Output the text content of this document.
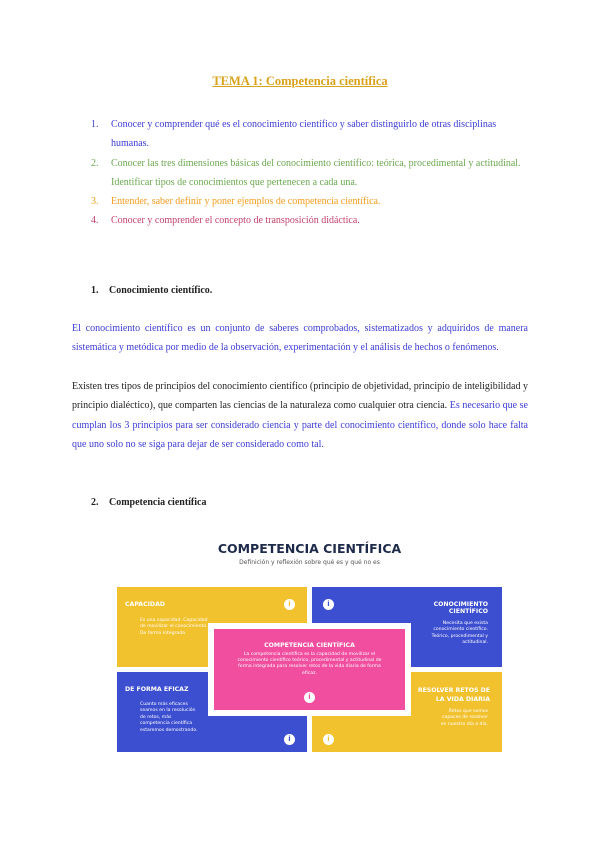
TEMA 1: Competencia científica
1. Conocer y comprender qué es el conocimiento científico y saber distinguirlo de otras disciplinas humanas.
2. Conocer las tres dimensiones básicas del conocimiento científico: teórica, procedimental y actitudinal. Identificar tipos de conocimientos que pertenecen a cada una.
3. Entender, saber definir y poner ejemplos de competencia científica.
4. Conocer y comprender el concepto de transposición didáctica.
1. Conocimiento científico.
El conocimiento científico es un conjunto de saberes comprobados, sistematizados y adquiridos de manera sistemática y metódica por medio de la observación, experimentación y el análisis de hechos o fenómenos.
Existen tres tipos de principios del conocimiento científico (principio de objetividad, principio de inteligibilidad y principio dialéctico), que comparten las ciencias de la naturaleza como cualquier otra ciencia. Es necesario que se cumplan los 3 principios para ser considerado ciencia y parte del conocimiento científico, donde solo hace falta que uno solo no se siga para dejar de ser considerado como tal.
2. Competencia científica
COMPETENCIA CIENTÍFICA
Definición y reflexión sobre qué es y qué no es
CAPACIDAD
Es una capacidad. Capacidad de movilizar el conocimiento. De forma integrada.
i	CONOCIMIENTO CIENTÍFICO
Necesita que exista conocimiento científico. Teórico, procedimental y actitudinal.
i
DE FORMA EFICAZ
Cuanto más eficaces seamos en la resolución de retos, más competencia científica estaremos demostrando.
i
RESOLVER RETOS DE LA VIDA DIARIA
Retos que somos capaces de resolver en nuestro día a día.
i
COMPETENCIA CIENTÍFICA
La competencia científica es la capacidad de movilizar el conocimiento científico teórico, procedimental y actitudinal de forma integrada para resolver retos de la vida diaria de forma eficaz.
i
